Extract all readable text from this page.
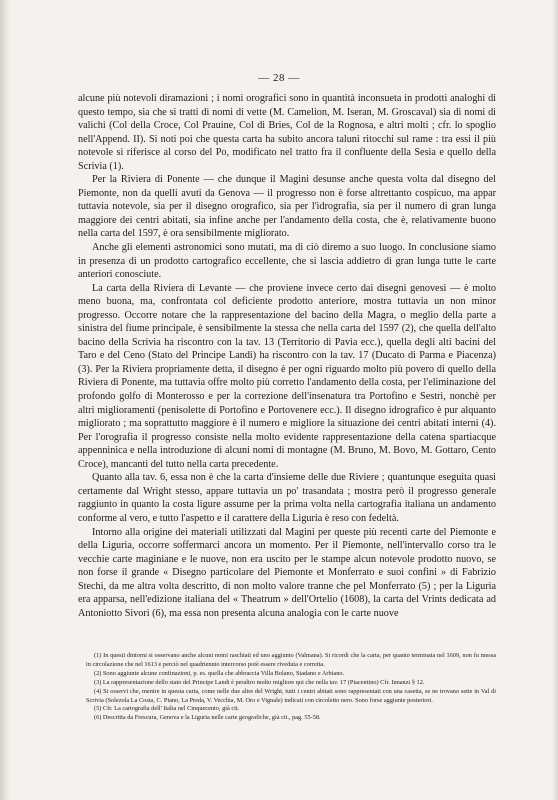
— 28 —

alcune più notevoli diramazioni ; i nomi orografici sono in quantità inconsueta in prodotti analoghi di questo tempo, sia che si tratti di nomi di vette (M. Camelion, M. Iseran, M. Groscaval) sia di nomi di valichi (Col della Croce, Col Prauine, Col di Bries, Col de la Rognosa, e altri molti ; cfr. lo spoglio nell'Append. II). Si noti poi che questa carta ha subito ancora taluni ritocchi sul rame : tra essi il più notevole si riferisce al corso del Po, modificato nel tratto fra il confluente della Sesia e quello della Scrivia (1).

Per la Riviera di Ponente — che dunque il Magini desunse anche questa volta dal disegno del Piemonte, non da quelli avuti da Genova — il progresso non è forse altrettanto cospicuo, ma appar tuttavia notevole, sia per il disegno orografico, sia per l'idrografia, sia per il numero di gran lunga maggiore dei centri abitati, sia infine anche per l'andamento della costa, che è, relativamente buono nella carta del 1597, è ora sensibilmente migliorato.

Anche gli elementi astronomici sono mutati, ma di ciò diremo a suo luogo. In conclusione siamo in presenza di un prodotto cartografico eccellente, che si lascia addietro di gran lunga tutte le carte anteriori conosciute.

La carta della Riviera di Levante — che proviene invece certo dai disegni genovesi — è molto meno buona, ma, confrontata col deficiente prodotto anteriore, mostra tuttavia un non minor progresso. Occorre notare che la rappresentazione del bacino della Magra, o meglio della parte a sinistra del fiume principale, è sensibilmente la stessa che nella carta del 1597 (2), che quella dell'alto bacino della Scrivia ha riscontro con la tav. 13 (Territorio di Pavia ecc.), quella degli alti bacini del Taro e del Ceno (Stato del Principe Landi) ha riscontro con la tav. 17 (Ducato di Parma e Piacenza) (3). Per la Riviera propriamente detta, il disegno è per ogni riguardo molto più povero di quello della Riviera di Ponente, ma tuttavia offre molto più corretto l'andamento della costa, per l'eliminazione del profondo golfo di Monterosso e per la correzione dell'insenatura tra Portofino e Sestri, nonchè per altri miglioramenti (penisolette di Portofino e Portovenere ecc.). Il disegno idrografico è pur alquanto migliorato ; ma soprattutto maggiore è il numero e migliore la situazione dei centri abitati interni (4). Per l'orografia il progresso consiste nella molto evidente rappresentazione della catena spartiacque appenninica e nella introduzione di alcuni nomi di montagne (M. Bruno, M. Bovo, M. Gottaro, Cento Croce), mancanti del tutto nella carta precedente.

Quanto alla tav. 6, essa non è che la carta d'insieme delle due Riviere ; quantunque eseguita quasi certamente dal Wright stesso, appare tuttavia un po' trasandata ; mostra però il progresso generale raggiunto in quanto la costa ligure assume per la prima volta nella cartografia italiana un andamento conforme al vero, e tutto l'aspetto e il carattere della Liguria è reso con fedeltà.

Intorno alla origine dei materiali utilizzati dal Magini per queste più recenti carte del Piemonte e della Liguria, occorre soffermarci ancora un momento. Per il Piemonte, nell'intervallo corso tra le vecchie carte maginiane e le nuove, non era uscito per le stampe alcun notevole prodotto nuovo, se non forse il grande « Disegno particolare del Piemonte et Monferrato e suoi confini » di Fabrizio Stechi, da me altra volta descritto, di non molto valore tranne che pel Monferrato (5) ; per la Liguria era apparsa, nell'edizione italiana del « Theatrum » dell'Ortelio (1608), la carta del Vrints dedicata ad Antoniotto Sivori (6), ma essa non presenta alcuna analogia con le carte nuove

(1) In questi dintorni si osservano anche alcuni nomi raschiati ed uno aggiunto (Valmana). Si ricordi che la carta, per quanto terminata nel 1609, non fu messa in circolazione che nel 1613 e perciò nel quadriennio intercorso potè essere riveduta e corretta.

(2) Sono aggiunte alcune confinazioni, p. es. quella che abbraccia Villa Bolano, Stadano e Arbiano.

(3) La rappresentazione dello stato del Principe Landi è peraltro molto migliore qui che nella tav. 17 (Piacentino) Cfr. Innanzi § 12.

(4) Si osservi che, mentre in questa carta, come nelle due altre del Wright, tutti i centri abitati sono rappresentati con una casetta, se ne trovano sette in Val di Scrivia (Solezola La Costa, C. Piano, La Preda, V. Vecchia, M. Oro e Vignale) indicati con circoletto nero. Sono forse aggiunte posteriori.

(5) Cfr. La cartografia dell' Italia nel Cinquecento, già cit.

(6) Descritta da Frescura, Genova e la Liguria nelle carte geografiche, già cit., pag. 55-58.
